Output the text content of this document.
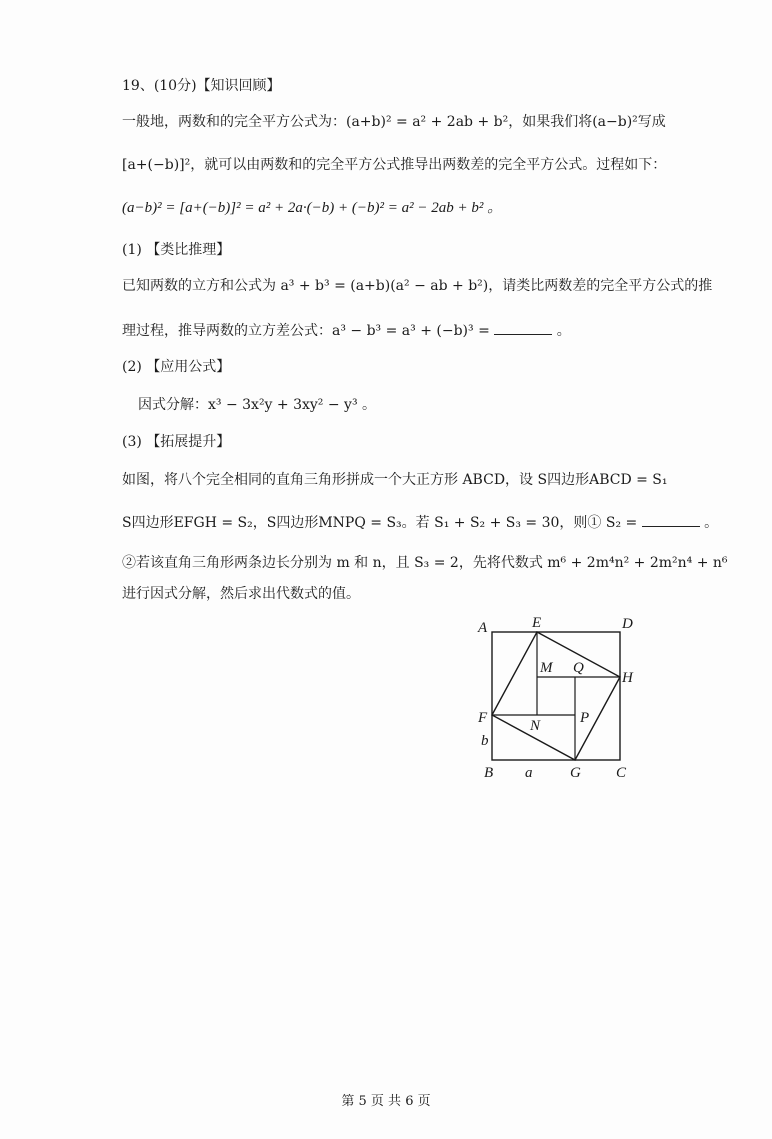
19、(10分)【知识回顾】
一般地，两数和的完全平方公式为：(a+b)² = a² + 2ab + b²，如果我们将(a−b)²写成
[a+(−b)]²，就可以由两数和的完全平方公式推导出两数差的完全平方公式。过程如下：
(a−b)² = [a+(−b)]² = a² + 2a·(−b) + (−b)² = a² − 2ab + b² 。
(1) 【类比推理】
已知两数的立方和公式为 a³ + b³ = (a+b)(a² − ab + b²)，请类比两数差的完全平方公式的推
理过程，推导两数的立方差公式：a³ − b³ = a³ + (−b)³ =	。
(2) 【应用公式】
因式分解：x³ − 3x²y + 3xy² − y³ 。
(3) 【拓展提升】
如图，将八个完全相同的直角三角形拼成一个大正方形 ABCD，设 S四边形ABCD = S₁
S四边形EFGH = S₂，S四边形MNPQ = S₃。若 S₁ + S₂ + S₃ = 30，则① S₂ =	。
②若该直角三角形两条边长分别为 m 和 n，且 S₃ = 2，先将代数式 m⁶ + 2m⁴n² + 2m²n⁴ + n⁶
进行因式分解，然后求出代数式的值。
A	E	D
M Q
H
F	N	P
b
B a	G C
第 5 页 共 6 页
